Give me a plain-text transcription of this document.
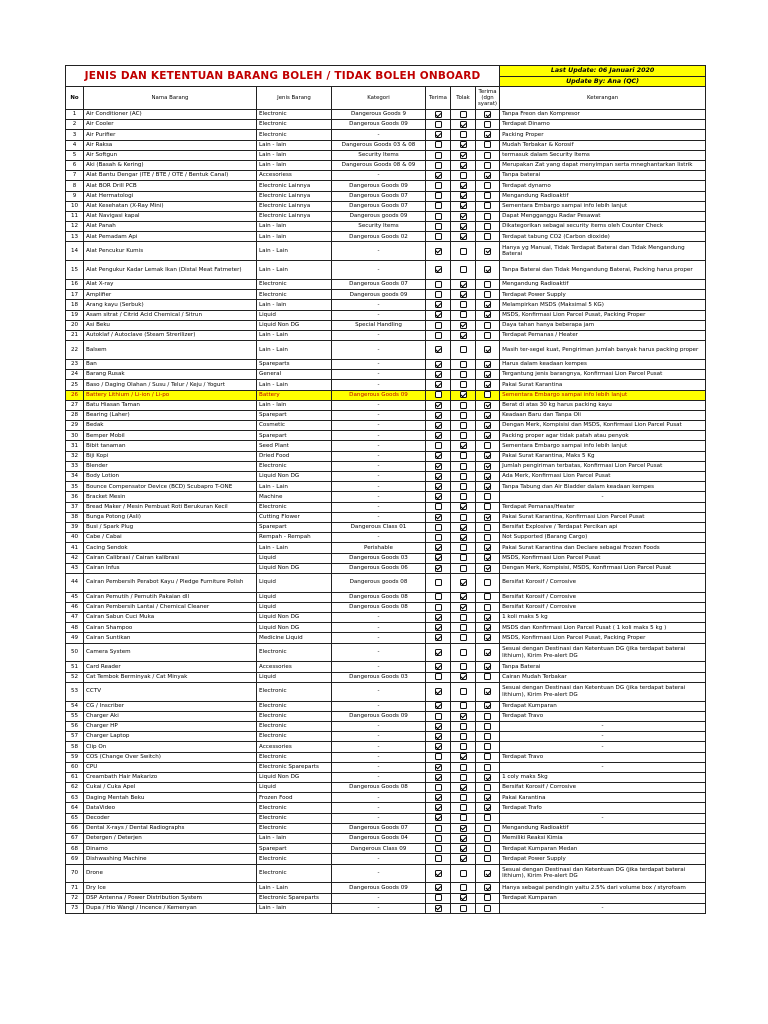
JENIS DAN KETENTUAN BARANG BOLEH / TIDAK BOLEH ONBOARD							Last Update: 06 Januari 2020
							Update By: Ana (QC)
No	Nama Barang	Jenis Barang	Kategori	Terima	Tolak	Terima (dgn syarat)	Keterangan
1	Air Conditioner (AC)	Electronic	Dangerous Goods 9				Tanpa Freon dan Kompresor
2	Air Cooler	Electronic	Dangerous Goods 09				Terdapat Dinamo
3	Air Purifier	Electronic	-				Packing Proper
4	Air Raksa	Lain - lain	Dangerous Goods 03 & 08				Mudah Terbakar & Korosif
5	Air Softgun	Lain - lain	Security Items				termasuk dalam Security Items
6	Aki (Basah & Kering)	Lain - lain	Dangerous Goods 08 & 09				Merupakan Zat yang dapat menyimpan serta mneghantarkan listrik
7	Alat Bantu Dengar (ITE / BTE / OTE / Bentuk Canal)	Accesoriess	-				Tanpa baterai
8	Alat BOR Drill PCB	Electronic Lainnya	Dangerous Goods 09				Terdapat dynamo
9	Alat Hermatologi	Electronic Lainnya	Dangerous Goods 07				Mengandung Radioaktif
10	Alat Kesehatan (X-Ray Mini)	Electronic Lainnya	Dangerous Goods 07				Sementara Embargo sampai info lebih lanjut
11	Alat Navigasi kapal	Electronic Lainnya	Dangerous goods 09				Dapat Mengganggu Radar Pesawat
12	Alat Panah	Lain - lain	Security Items				Dikategorikan sebagai security items oleh Counter Check
13	Alat Pemadam Api	Lain - lain	Dangerous Goods 02				Terdapat tabung CO2 (Carbon dioxide)
14	Alat Pencukur Kumis	Lain - Lain	-				Hanya yg Manual, Tidak Terdapat Baterai dan Tidak Mengandung Baterai
15	Alat Pengukur Kadar Lemak Ikan (Distal Meat Fatmeter)	Lain - Lain	-				Tanpa Baterai dan Tidak Mengandung Baterai, Packing harus proper
16	Alat X-ray	Electronic	Dangerous Goods 07				Mengandung Radioaktif
17	Amplifier	Electronic	Dangerous goods 09				Terdapat Power Supply
18	Arang kayu (Serbuk)	Lain - lain	-				Melampirkan MSDS (Maksimal 5 KG)
19	Asam sitrat / Citrid Acid Chemical / Sitrun	Liquid	-				MSDS, Konfirmasi Lion Parcel Pusat, Packing Proper
20	Asi Beku	Liquid Non DG	Special Handling				Daya tahan hanya beberapa jam
21	Autoklaf / Autoclave (Steam Strerilizer)	Lain - Lain	-				Terdapat Pemanas / Heater
22	Balsem	Lain - Lain	-				Masih ter-segel kuat, Pengiriman jumlah banyak harus packing proper
23	Ban	Spareparts	-				Harus dalam keadaan kempes
24	Barang Rusak	General	-				Tergantung jenis barangnya, Konfirmasi Lion Parcel Pusat
25	Baso / Daging Olahan / Susu / Telur / Keju / Yogurt	Lain - Lain	-				Pakai Surat Karantina
26	Battery Lithium / Li-ion / Li-po	Battery	Dangerous Goods 09				Sementara Embargo sampai info lebih lanjut
27	Batu Hiasan Taman	Lain - lain	-				Berat di atas 30 kg harus packing kayu
28	Bearing (Laher)	Sparepart	-				Keadaan Baru dan Tanpa Oli
29	Bedak	Cosmetic	-				Dengan Merk, Kompisisi dan MSDS, Konfirmasi Lion Parcel Pusat
30	Bemper Mobil	Sparepart	-				Packing proper agar tidak patah atau penyok
31	Bibit tanaman	Seed Plant	-				Sementara Embargo sampai info lebih lanjut
32	Biji Kopi	Dried Food	-				Pakai Surat Karantina, Maks 5 Kg
33	Blender	Electronic	-				Jumlah pengiriman terbatas, Konfirmasi Lion Parcel Pusat
34	Body Lotion	Liquid Non DG	-				Ada Merk, Konfirmasi Lion Parcel Pusat
35	Bounce Compensator Device (BCD) Scubapro T-ONE	Lain - Lain	-				Tanpa Tabung dan Air Bladder dalam keadaan kempes
36	Bracket Mesin	Machine	-				-
37	Bread Maker / Mesin Pembuat Roti Berukuran Kecil	Electronic	-				Terdapat Pemanas/Heater
38	Bunga Potong (Asli)	Cutting Flower	-				Pakai Surat Karantina, Konfirmasi Lion Parcel Pusat
39	Busi / Spark Plug	Sparepart	Dangerous Class 01				Bersifat Explosive / Terdapat Percikan api
40	Cabe / Cabai	Rempah - Rempah	-				Not Supported (Barang Cargo)
41	Cacing Sendok	Lain - Lain	Perishable				Pakai Surat Karantina dan Declare sebagai Frozen Foods
42	Cairan Calibrasi / Cairan kalibrasi	Liquid	Dangerous Goods 03				MSDS, Konfirmasi Lion Parcel Pusat
43	Cairan Infus	Liquid Non DG	Dangerous Goods 06				Dengan Merk, Kompisisi, MSDS, Konfirmasi Lion Parcel Pusat
44	Cairan Pembersih Perabot Kayu / Pledge Furniture Polish	Liquid	Dangerous goods 08				Bersifat Korosif / Corrosive
45	Cairan Pemutih / Pemutih Pakaian dll	Liquid	Dangerous Goods 08				Bersifat Korosif / Corrosive
46	Cairan Pembersih Lantai / Chemical Cleaner	Liquid	Dangerous Goods 08				Bersifat Korosif / Corrosive
47	Cairan Sabun Cuci Muka	Liquid Non DG	-				1 koli maks 5 kg
48	Cairan Shampoo	Liquid Non DG	-				MSDS dan Konfirmasi Lion Parcel Pusat ( 1 koli maks 5 kg )
49	Cairan Suntikan	Medicine Liquid	-				MSDS, Konfirmasi Lion Parcel Pusat, Packing Proper
50	Camera System	Electronic	-				Sesuai dengan Destinasi dan Ketentuan DG (jika terdapat baterai lithium), Kirim Pre-alert DG
51	Card Reader	Accessories	-				Tanpa Baterai
52	Cat Tembok Berminyak / Cat Minyak	Liquid	Dangerous Goods 03				Cairan Mudah Terbakar
53	CCTV	Electronic	-				Sesuai dengan Destinasi dan Ketentuan DG (jika terdapat baterai lithium), Kirim Pre-alert DG
54	CG / Inscriber	Electronic	-				Terdapat Kumparan
55	Charger Aki	Electronic	Dangerous Goods 09				Terdapat Travo
56	Charger HP	Electronic	-				-
57	Charger Laptop	Electronic	-				-
58	Clip On	Accessories	-				-
59	COS (Change Over Switch)	Electronic	-				Terdapat Travo
60	CPU	Electronic Spareparts	-				-
61	Creambath Hair Makarizo	Liquid Non DG	-				1 coly maks 5kg
62	Cukai / Cuka Apel	Liquid	Dangerous Goods 08				Bersifat Korosif / Corrosive
63	Daging Mentah Beku	Frozen Food	-				Pakai Karantina
64	DataVideo	Electronic	-				Terdapat Trafo
65	Decoder	Electronic	-				-
66	Dental X-rays / Dental Radiographs	Electronic	Dangerous Goods 07				Mengandung Radioaktif
67	Detergen / Deterjen	Lain - lain	Dangerous Goods 04				Memiliki Reaksi Kimia
68	Dinamo	Sparepart	Dangerous Class 09				Terdapat Kumparan Medan
69	Dishwashing Machine	Electronic	-				Terdapat Power Supply
70	Drone	Electronic	-				Sesuai dengan Destinasi dan Ketentuan DG (jika terdapat baterai lithium), Kirim Pre-alert DG
71	Dry Ice	Lain - Lain	Dangerous Goods 09				Hanya sebagai pendingin yaitu 2.5% dari volume box / styrofoam
72	DSP Antenna / Power Distribution System	Electronic Spareparts	-				Terdapat Kumparan
73	Dupa / Hio Wangi / Incence / Kemenyan	Lain - lain	-				-
